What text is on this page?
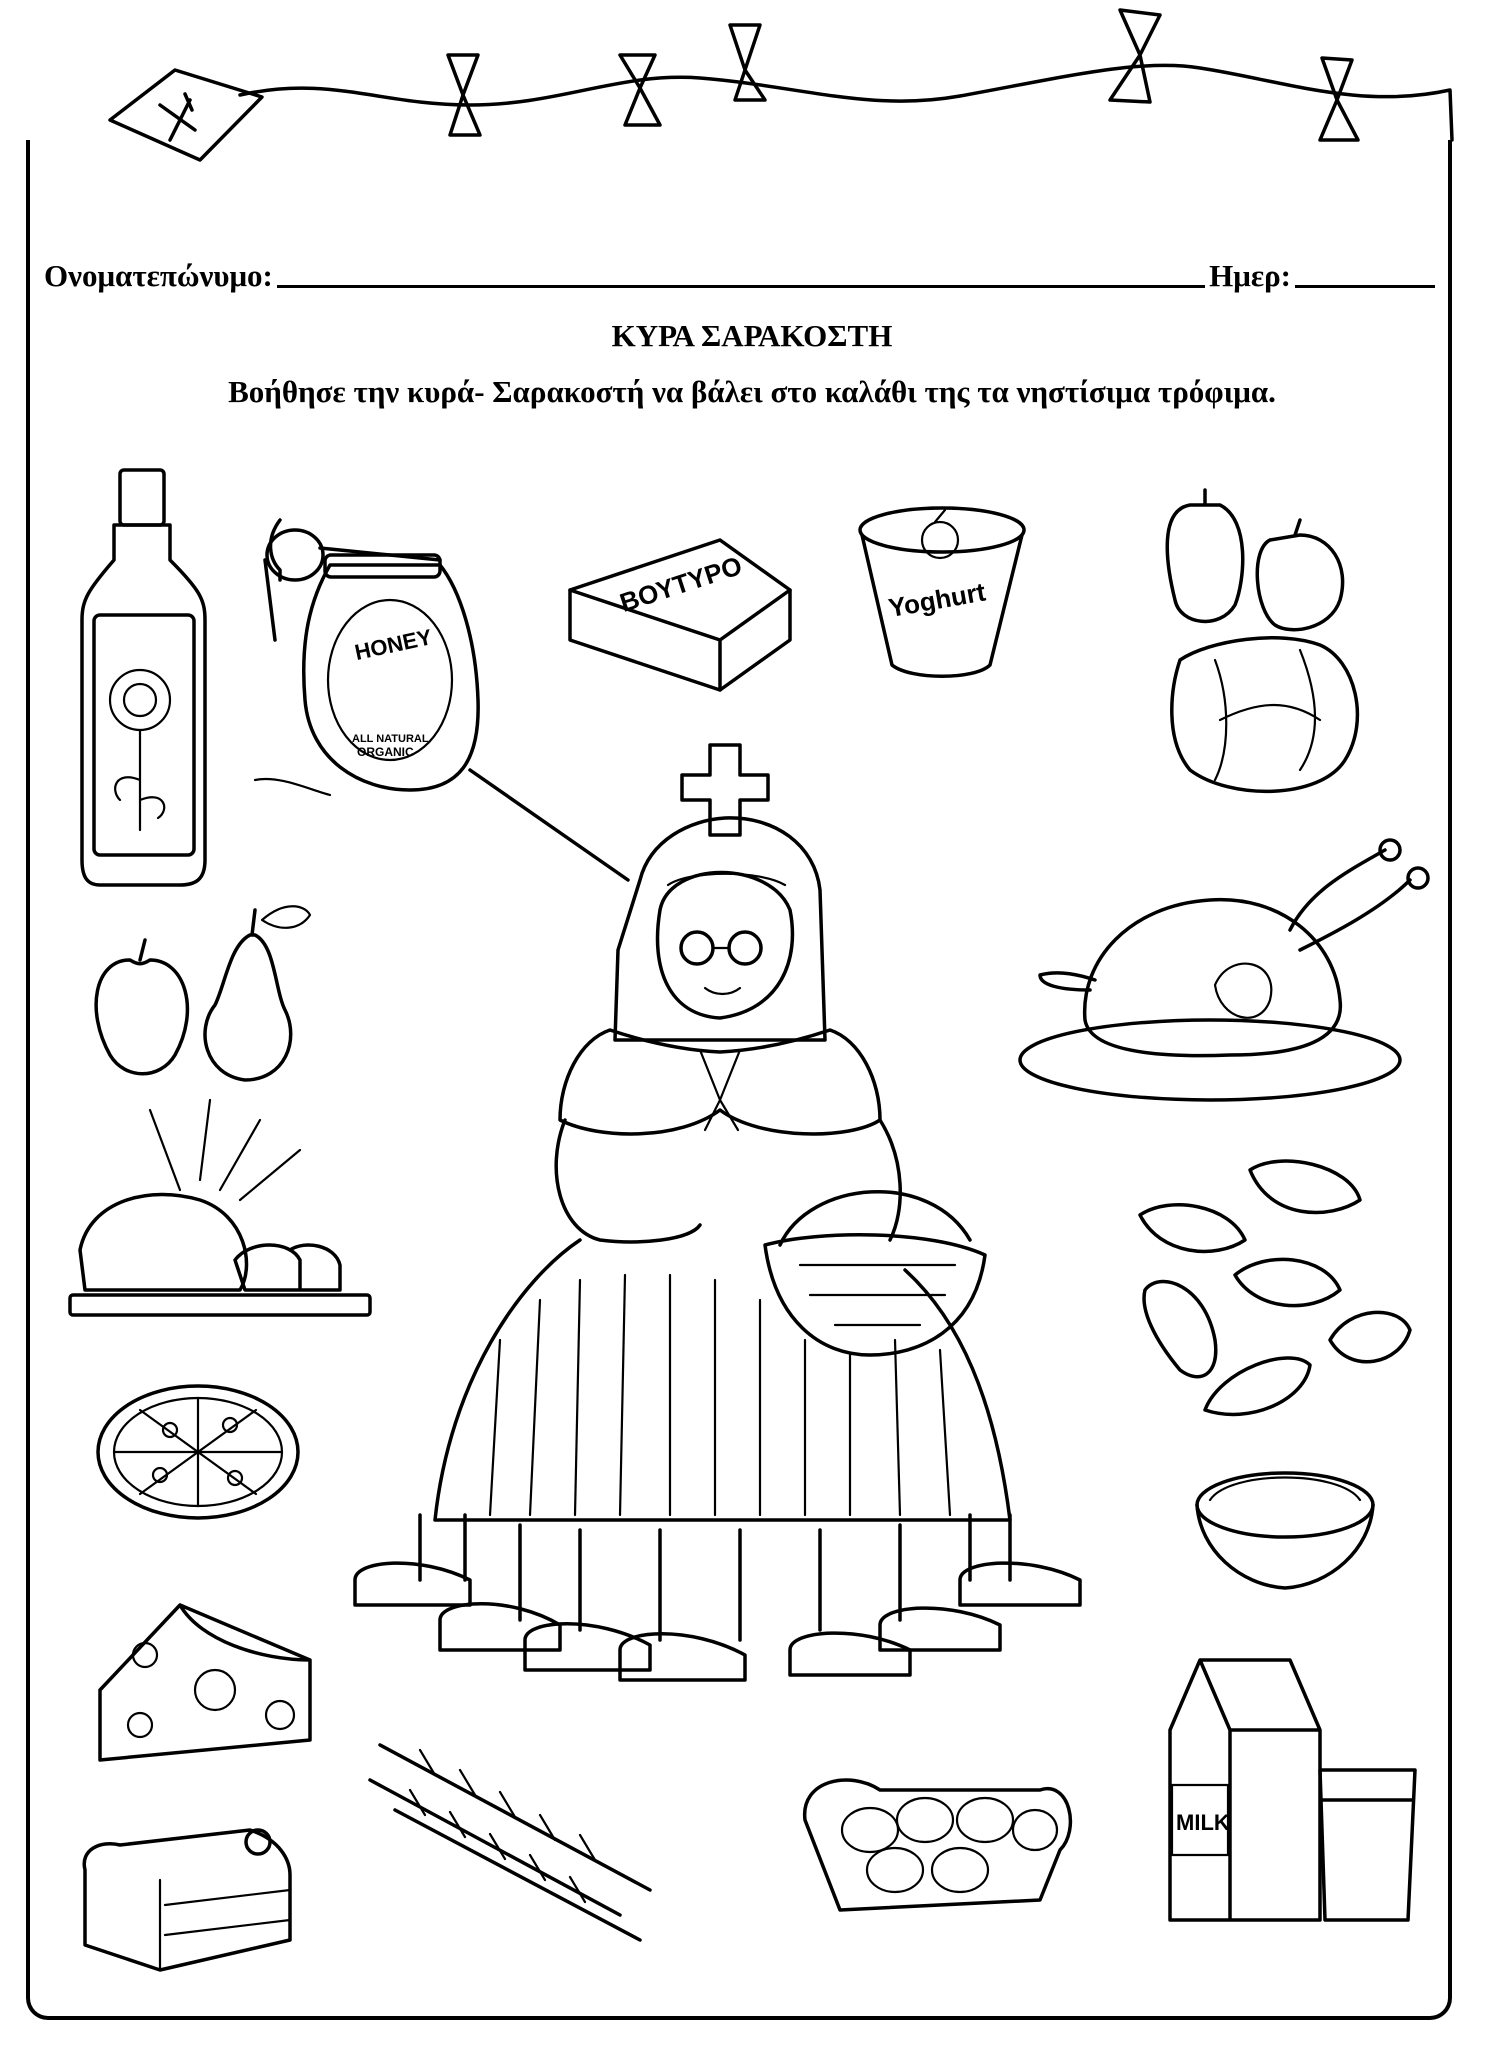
HONEY
ALL NATURAL
ORGANIC
ΒΟΥΤΥΡΟ	Yoghurt
MILK
Ονοματεπώνυμο:	Ημερ:
ΚΥΡΑ ΣΑΡΑΚΟΣΤΗ
Βοήθησε την κυρά- Σαρακοστή να βάλει στο καλάθι της τα νηστίσιμα τρόφιμα.
